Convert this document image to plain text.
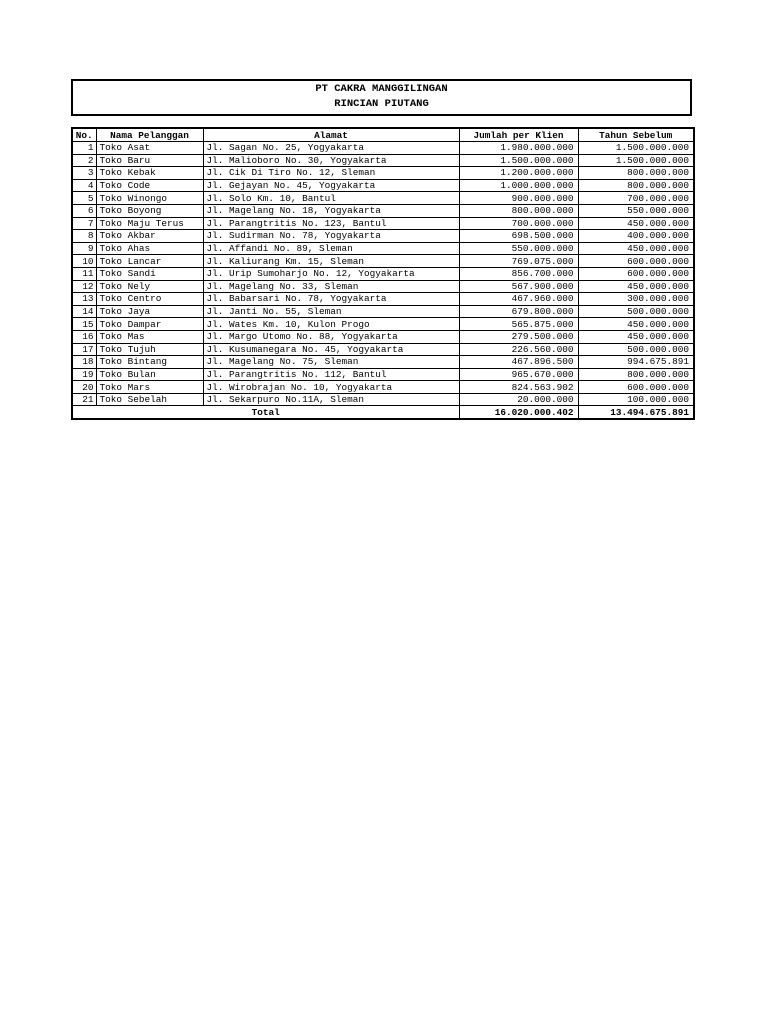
PT CAKRA MANGGILINGAN
RINCIAN PIUTANG
No.	Nama Pelanggan	Alamat	Jumlah per Klien	Tahun Sebelum
1	Toko Asat	Jl. Sagan No. 25, Yogyakarta	1.980.000.000	1.500.000.000
2	Toko Baru	Jl. Malioboro No. 30, Yogyakarta	1.500.000.000	1.500.000.000
3	Toko Kebak	Jl. Cik Di Tiro No. 12, Sleman	1.200.000.000	800.000.000
4	Toko Code	Jl. Gejayan No. 45, Yogyakarta	1.000.000.000	800.000.000
5	Toko Winongo	Jl. Solo Km. 10, Bantul	900.000.000	700.000.000
6	Toko Boyong	Jl. Magelang No. 18, Yogyakarta	800.000.000	550.000.000
7	Toko Maju Terus	Jl. Parangtritis No. 123, Bantul	700.000.000	450.000.000
8	Toko Akbar	Jl. Sudirman No. 78, Yogyakarta	698.500.000	400.000.000
9	Toko Ahas	Jl. Affandi No. 89, Sleman	550.000.000	450.000.000
10	Toko Lancar	Jl. Kaliurang Km. 15, Sleman	769.075.000	600.000.000
11	Toko Sandi	Jl. Urip Sumoharjo No. 12, Yogyakarta	856.700.000	600.000.000
12	Toko Nely	Jl. Magelang No. 33, Sleman	567.900.000	450.000.000
13	Toko Centro	Jl. Babarsari No. 78, Yogyakarta	467.960.000	300.000.000
14	Toko Jaya	Jl. Janti No. 55, Sleman	679.800.000	500.000.000
15	Toko Dampar	Jl. Wates Km. 10, Kulon Progo	565.875.000	450.000.000
16	Toko Mas	Jl. Margo Utomo No. 88, Yogyakarta	279.500.000	450.000.000
17	Toko Tujuh	Jl. Kusumanegara No. 45, Yogyakarta	226.560.000	500.000.000
18	Toko Bintang	Jl. Magelang No. 75, Sleman	467.896.500	994.675.891
19	Toko Bulan	Jl. Parangtritis No. 112, Bantul	965.670.000	800.000.000
20	Toko Mars	Jl. Wirobrajan No. 10, Yogyakarta	824.563.902	600.000.000
21	Toko Sebelah	Jl. Sekarpuro No.11A, Sleman	20.000.000	100.000.000
Total			16.020.000.402	13.494.675.891
